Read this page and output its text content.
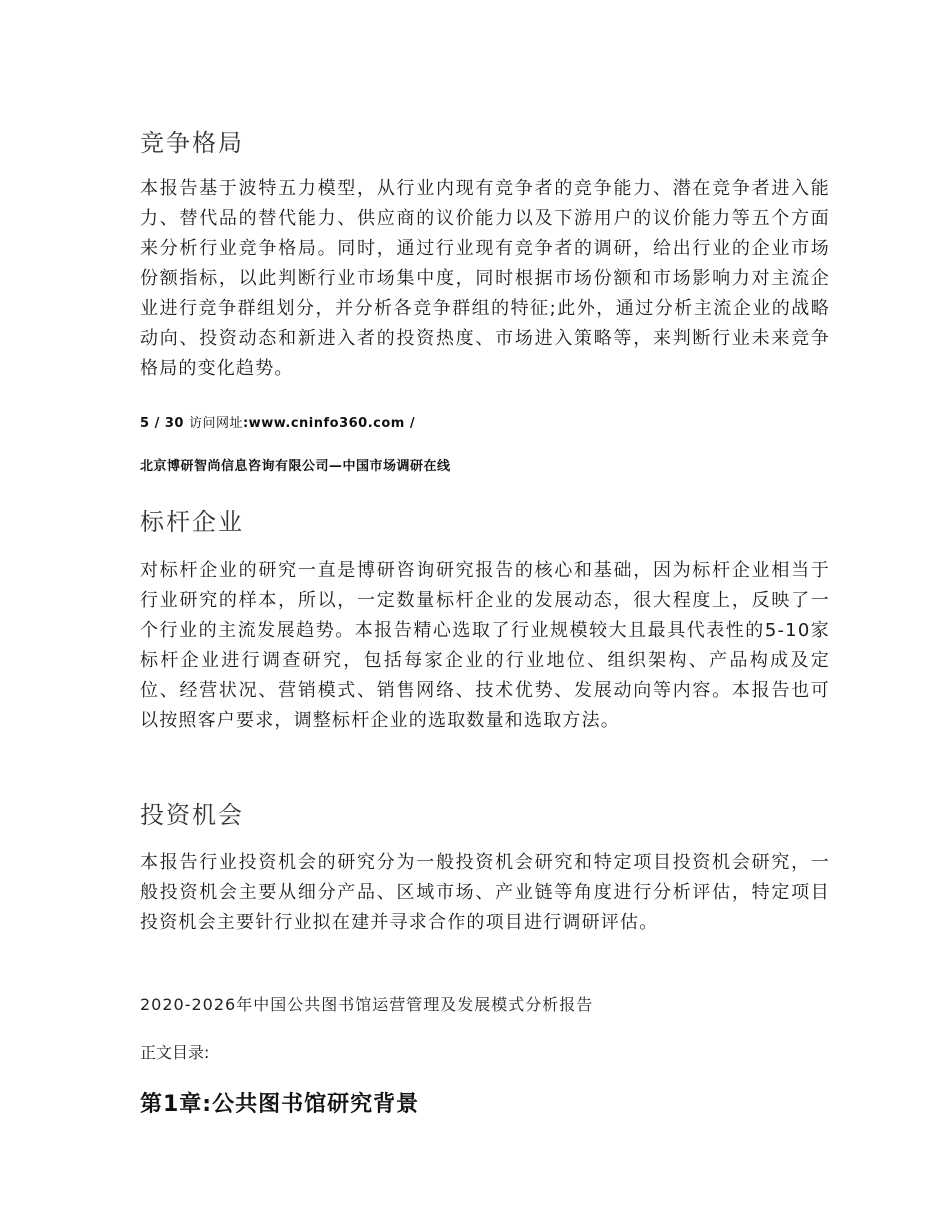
竞争格局
本报告基于波特五力模型，从行业内现有竞争者的竞争能力、潜在竞争者进入能力、替代品的替代能力、供应商的议价能力以及下游用户的议价能力等五个方面来分析行业竞争格局。同时，通过行业现有竞争者的调研，给出行业的企业市场份额指标，以此判断行业市场集中度，同时根据市场份额和市场影响力对主流企业进行竞争群组划分，并分析各竞争群组的特征;此外，通过分析主流企业的战略动向、投资动态和新进入者的投资热度、市场进入策略等，来判断行业未来竞争格局的变化趋势。
5 / 30 访问网址:www.cninfo360.com /
北京博研智尚信息咨询有限公司—中国市场调研在线
标杆企业
对标杆企业的研究一直是博研咨询研究报告的核心和基础，因为标杆企业相当于行业研究的样本，所以，一定数量标杆企业的发展动态，很大程度上，反映了一个行业的主流发展趋势。本报告精心选取了行业规模较大且最具代表性的5-10家标杆企业进行调查研究，包括每家企业的行业地位、组织架构、产品构成及定位、经营状况、营销模式、销售网络、技术优势、发展动向等内容。本报告也可以按照客户要求，调整标杆企业的选取数量和选取方法。
投资机会
本报告行业投资机会的研究分为一般投资机会研究和特定项目投资机会研究，一般投资机会主要从细分产品、区域市场、产业链等角度进行分析评估，特定项目投资机会主要针行业拟在建并寻求合作的项目进行调研评估。
2020-2026年中国公共图书馆运营管理及发展模式分析报告
正文目录:
第1章:公共图书馆研究背景
